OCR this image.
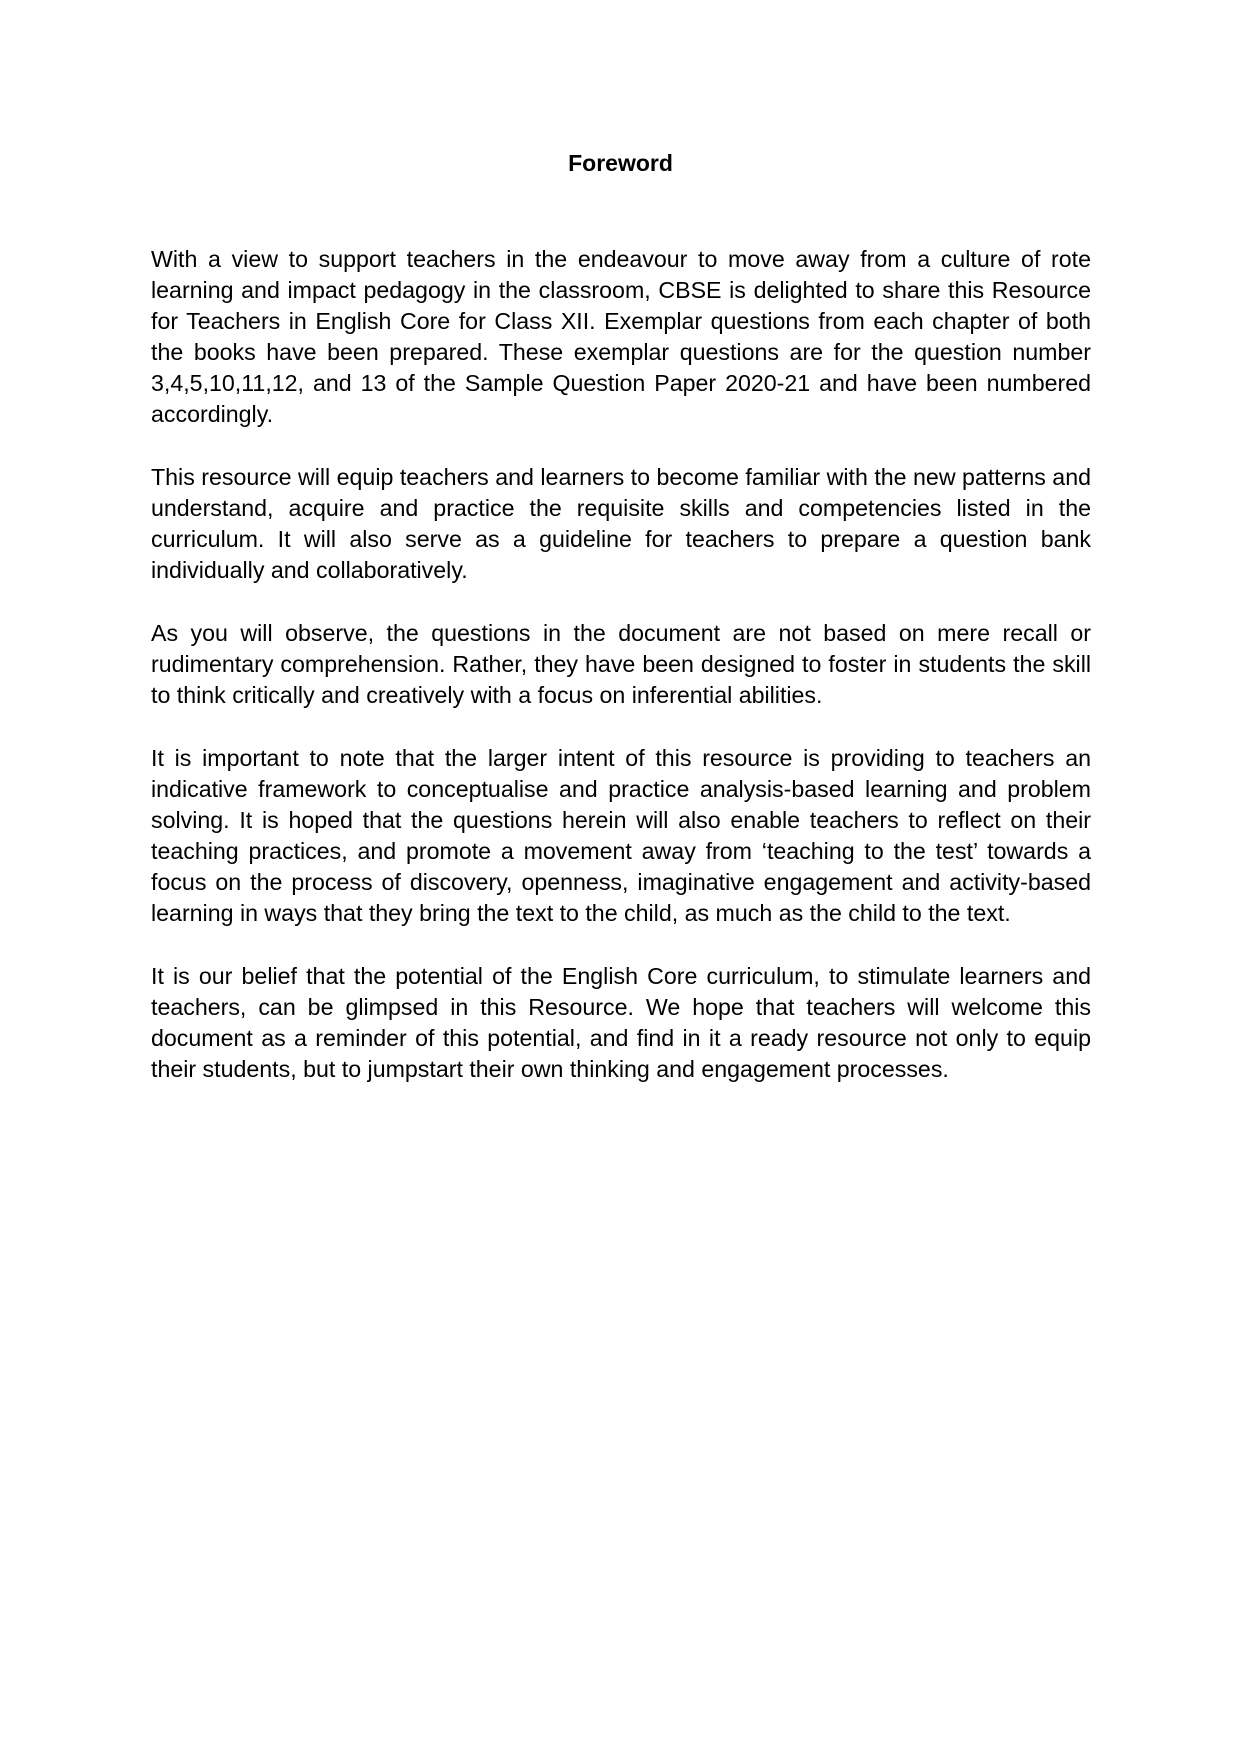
Foreword

With a view to support teachers in the endeavour to move away from a culture of rote learning and impact pedagogy in the classroom, CBSE is delighted to share this Resource for Teachers in English Core for Class XII. Exemplar questions from each chapter of both the books have been prepared. These exemplar questions are for the question number 3,4,5,10,11,12, and 13 of the Sample Question Paper 2020-21 and have been numbered accordingly.

This resource will equip teachers and learners to become familiar with the new patterns and understand, acquire and practice the requisite skills and competencies listed in the curriculum. It will also serve as a guideline for teachers to prepare a question bank individually and collaboratively.

As you will observe, the questions in the document are not based on mere recall or rudimentary comprehension. Rather, they have been designed to foster in students the skill to think critically and creatively with a focus on inferential abilities.

It is important to note that the larger intent of this resource is providing to teachers an indicative framework to conceptualise and practice analysis-based learning and problem solving. It is hoped that the questions herein will also enable teachers to reflect on their teaching practices, and promote a movement away from ‘teaching to the test’ towards a focus on the process of discovery, openness, imaginative engagement and activity-based learning in ways that they bring the text to the child, as much as the child to the text.

It is our belief that the potential of the English Core curriculum, to stimulate learners and teachers, can be glimpsed in this Resource. We hope that teachers will welcome this document as a reminder of this potential, and find in it a ready resource not only to equip their students, but to jumpstart their own thinking and engagement processes.
